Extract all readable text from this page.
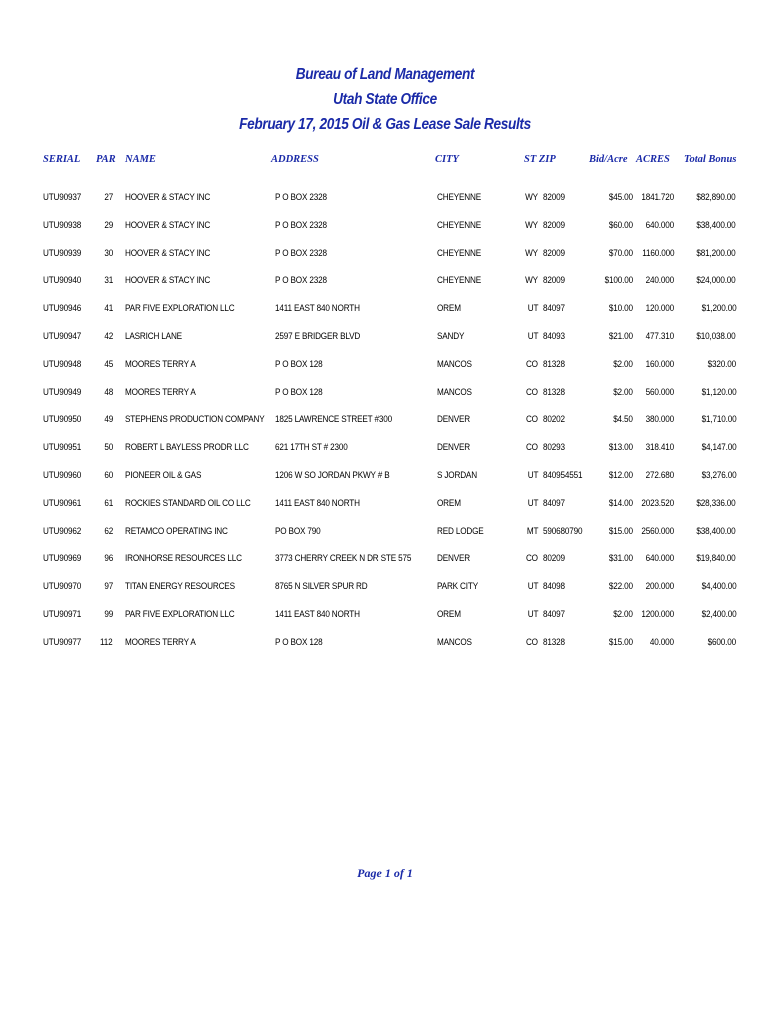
Bureau of Land Management
Utah State Office
February 17, 2015 Oil & Gas Lease Sale Results
SERIAL PAR NAME	ADDRESS	CITY	ST ZIP	Bid/Acre ACRES Total Bonus
UTU90937 27 HOOVER & STACY INC	P O BOX 2328	CHEYENNE	WY 82009	$45.00 1841.720 $82,890.00
UTU90938 29 HOOVER & STACY INC	P O BOX 2328	CHEYENNE	WY 82009	$60.00 640.000 $38,400.00
UTU90939 30 HOOVER & STACY INC	P O BOX 2328	CHEYENNE	WY 82009	$70.00 1160.000 $81,200.00
UTU90940 31 HOOVER & STACY INC	P O BOX 2328	CHEYENNE	WY 82009	$100.00 240.000 $24,000.00
UTU90946 41 PAR FIVE EXPLORATION LLC	1411 EAST 840 NORTH	OREM	UT 84097	$10.00 120.000	$1,200.00
UTU90947 42 LASRICH LANE	2597 E BRIDGER BLVD	SANDY	UT 84093	$21.00 477.310 $10,038.00
UTU90948 45 MOORES TERRY A	P O BOX 128	MANCOS	CO 81328	$2.00 160.000	$320.00
UTU90949 48 MOORES TERRY A	P O BOX 128	MANCOS	CO 81328	$2.00 560.000	$1,120.00
UTU90950 49 STEPHENS PRODUCTION COMPANY 1825 LAWRENCE STREET #300	DENVER	CO 80202	$4.50 380.000	$1,710.00
UTU90951 50 ROBERT L BAYLESS PRODR LLC	621 17TH ST # 2300	DENVER	CO 80293	$13.00 318.410	$4,147.00
UTU90960 60 PIONEER OIL & GAS	1206 W SO JORDAN PKWY # B	S JORDAN	UT 840954551	$12.00 272.680	$3,276.00
UTU90961 61 ROCKIES STANDARD OIL CO LLC	1411 EAST 840 NORTH	OREM	UT 84097	$14.00 2023.520 $28,336.00
UTU90962 62 RETAMCO OPERATING INC	PO BOX 790	RED LODGE	MT 590680790	$15.00 2560.000 $38,400.00
UTU90969 96 IRONHORSE RESOURCES LLC	3773 CHERRY CREEK N DR STE 575	DENVER	CO 80209	$31.00 640.000 $19,840.00
UTU90970 97 TITAN ENERGY RESOURCES	8765 N SILVER SPUR RD	PARK CITY	UT 84098	$22.00 200.000	$4,400.00
UTU90971 99 PAR FIVE EXPLORATION LLC	1411 EAST 840 NORTH	OREM	UT 84097	$2.00 1200.000	$2,400.00
UTU90977 112 MOORES TERRY A	P O BOX 128	MANCOS	CO 81328	$15.00 40.000	$600.00
Page 1 of 1
